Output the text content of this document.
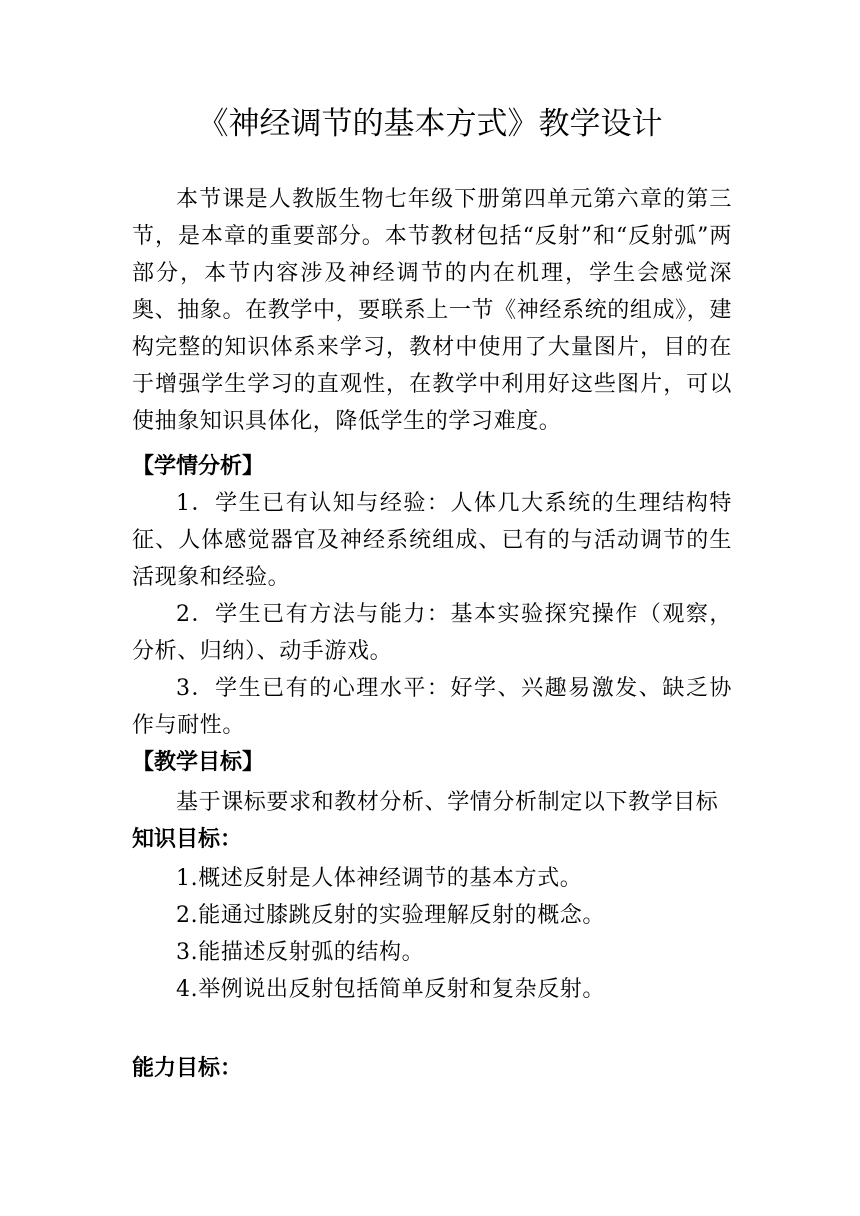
《神经调节的基本方式》教学设计

本节课是人教版生物七年级下册第四单元第六章的第三节，是本章的重要部分。本节教材包括“反射”和“反射弧”两部分，本节内容涉及神经调节的内在机理，学生会感觉深奥、抽象。在教学中，要联系上一节《神经系统的组成》，建构完整的知识体系来学习，教材中使用了大量图片，目的在于增强学生学习的直观性，在教学中利用好这些图片，可以使抽象知识具体化，降低学生的学习难度。

【学情分析】

1．学生已有认知与经验：人体几大系统的生理结构特征、人体感觉器官及神经系统组成、已有的与活动调节的生活现象和经验。

2．学生已有方法与能力：基本实验探究操作（观察，分析、归纳）、动手游戏。

3．学生已有的心理水平：好学、兴趣易激发、缺乏协作与耐性。

【教学目标】

基于课标要求和教材分析、学情分析制定以下教学目标

知识目标：
1.概述反射是人体神经调节的基本方式。
2.能通过膝跳反射的实验理解反射的概念。
3.能描述反射弧的结构。
4.举例说出反射包括简单反射和复杂反射。
能力目标：
